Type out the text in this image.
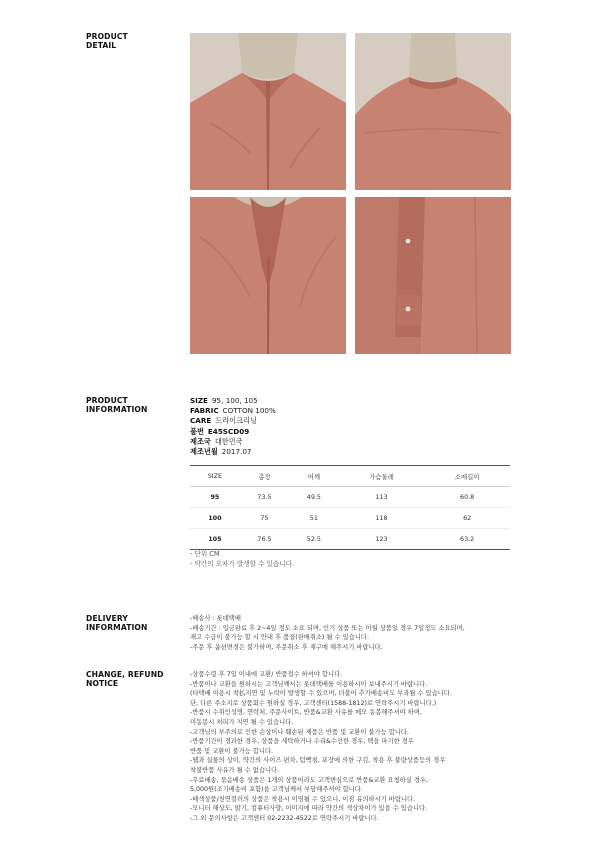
PRODUCT
DETAIL
PRODUCT
INFORMATION
SIZE 95, 100, 105
FABRIC COTTON 100%
CARE 드라이크리닝
품번 E45SCD09
제조국 대한민국
제조년월 2017.07
SIZE	총장	어깨	가슴둘레	소매길이
95	73.5	49.5	113	60.8
100	75	51	118	62
105	76.5	52.5	123	63.2
- 단위 CM
- 약간의 오차가 발생할 수 있습니다.
DELIVERY
INFORMATION
-배송사 : 롯데택배
-배송기간 : 입금완료 후 2~4일 정도 소요 되며, 인기 상품 또는 이월 상품일 경우 7일정도 소요되며,
재고 수급이 불가능 할 시 안내 후 품절(판매취소) 될 수 있습니다.
-주문 후 옵션변경은 불가하며, 주문취소 후 재구매 해주시기 바랍니다.
CHANGE, REFUND
NOTICE
-상품수령 후 7일 이내에 교환/ 반품접수 하셔야 합니다.
-반품이나 교환을 원하시는 고객님께서는 롯데택배를 이용하시어 보내주시기 바랍니다.
(타택배 이용시 착払지연 및 누락이 발생할 수 있으며, 더불어 추가배송비도 부과될 수 있습니다.
단, 다른 주소지로 상품회수 원하실 경우, 고객센터(1588-1812)로 연락주시기 바랍니다.)
-반품시 수취인성명, 연락처, 주문사이트, 반품&교환 사유를 메모 동봉해주셔야 하며,
미동봉시 처리가 지연 될 수 있습니다.
-고객님의 부주의로 인한 손상이나 훼손된 제품은 반품 및 교환이 불가능 합니다.
-반품기간이 경과한 경우, 상품을 세탁하거나 수리&수선한 경우, 택을 파기한 경우
반품 및 교환이 불가능 합니다.
-웹과 실물의 상이, 약간의 사이즈 편차, 텀빡침, 포장에 의한 구김, 착용 후 불량상품등의 경우
착불반품 사유가 될 수 없습니다.
-무료배송, 묶음배송 상품은 1개의 상품이라도 고객변심으로 반품&교환 요청하실 경우,
5,000원(조기배송비 포함)을 고객님께서 부담해주셔야 합니다.
-배색상품/천연컬러의 상품은 착용시 이염될 수 있으니, 이점 유의하시기 바랍니다.
-모니터 해상도, 밝기, 컴퓨터사양, 이미지에 따라 약간의 색상차이가 있을 수 있습니다.
-그 외 문의사항은 고객센터 02-2232-4522로 연락주시기 바랍니다.
